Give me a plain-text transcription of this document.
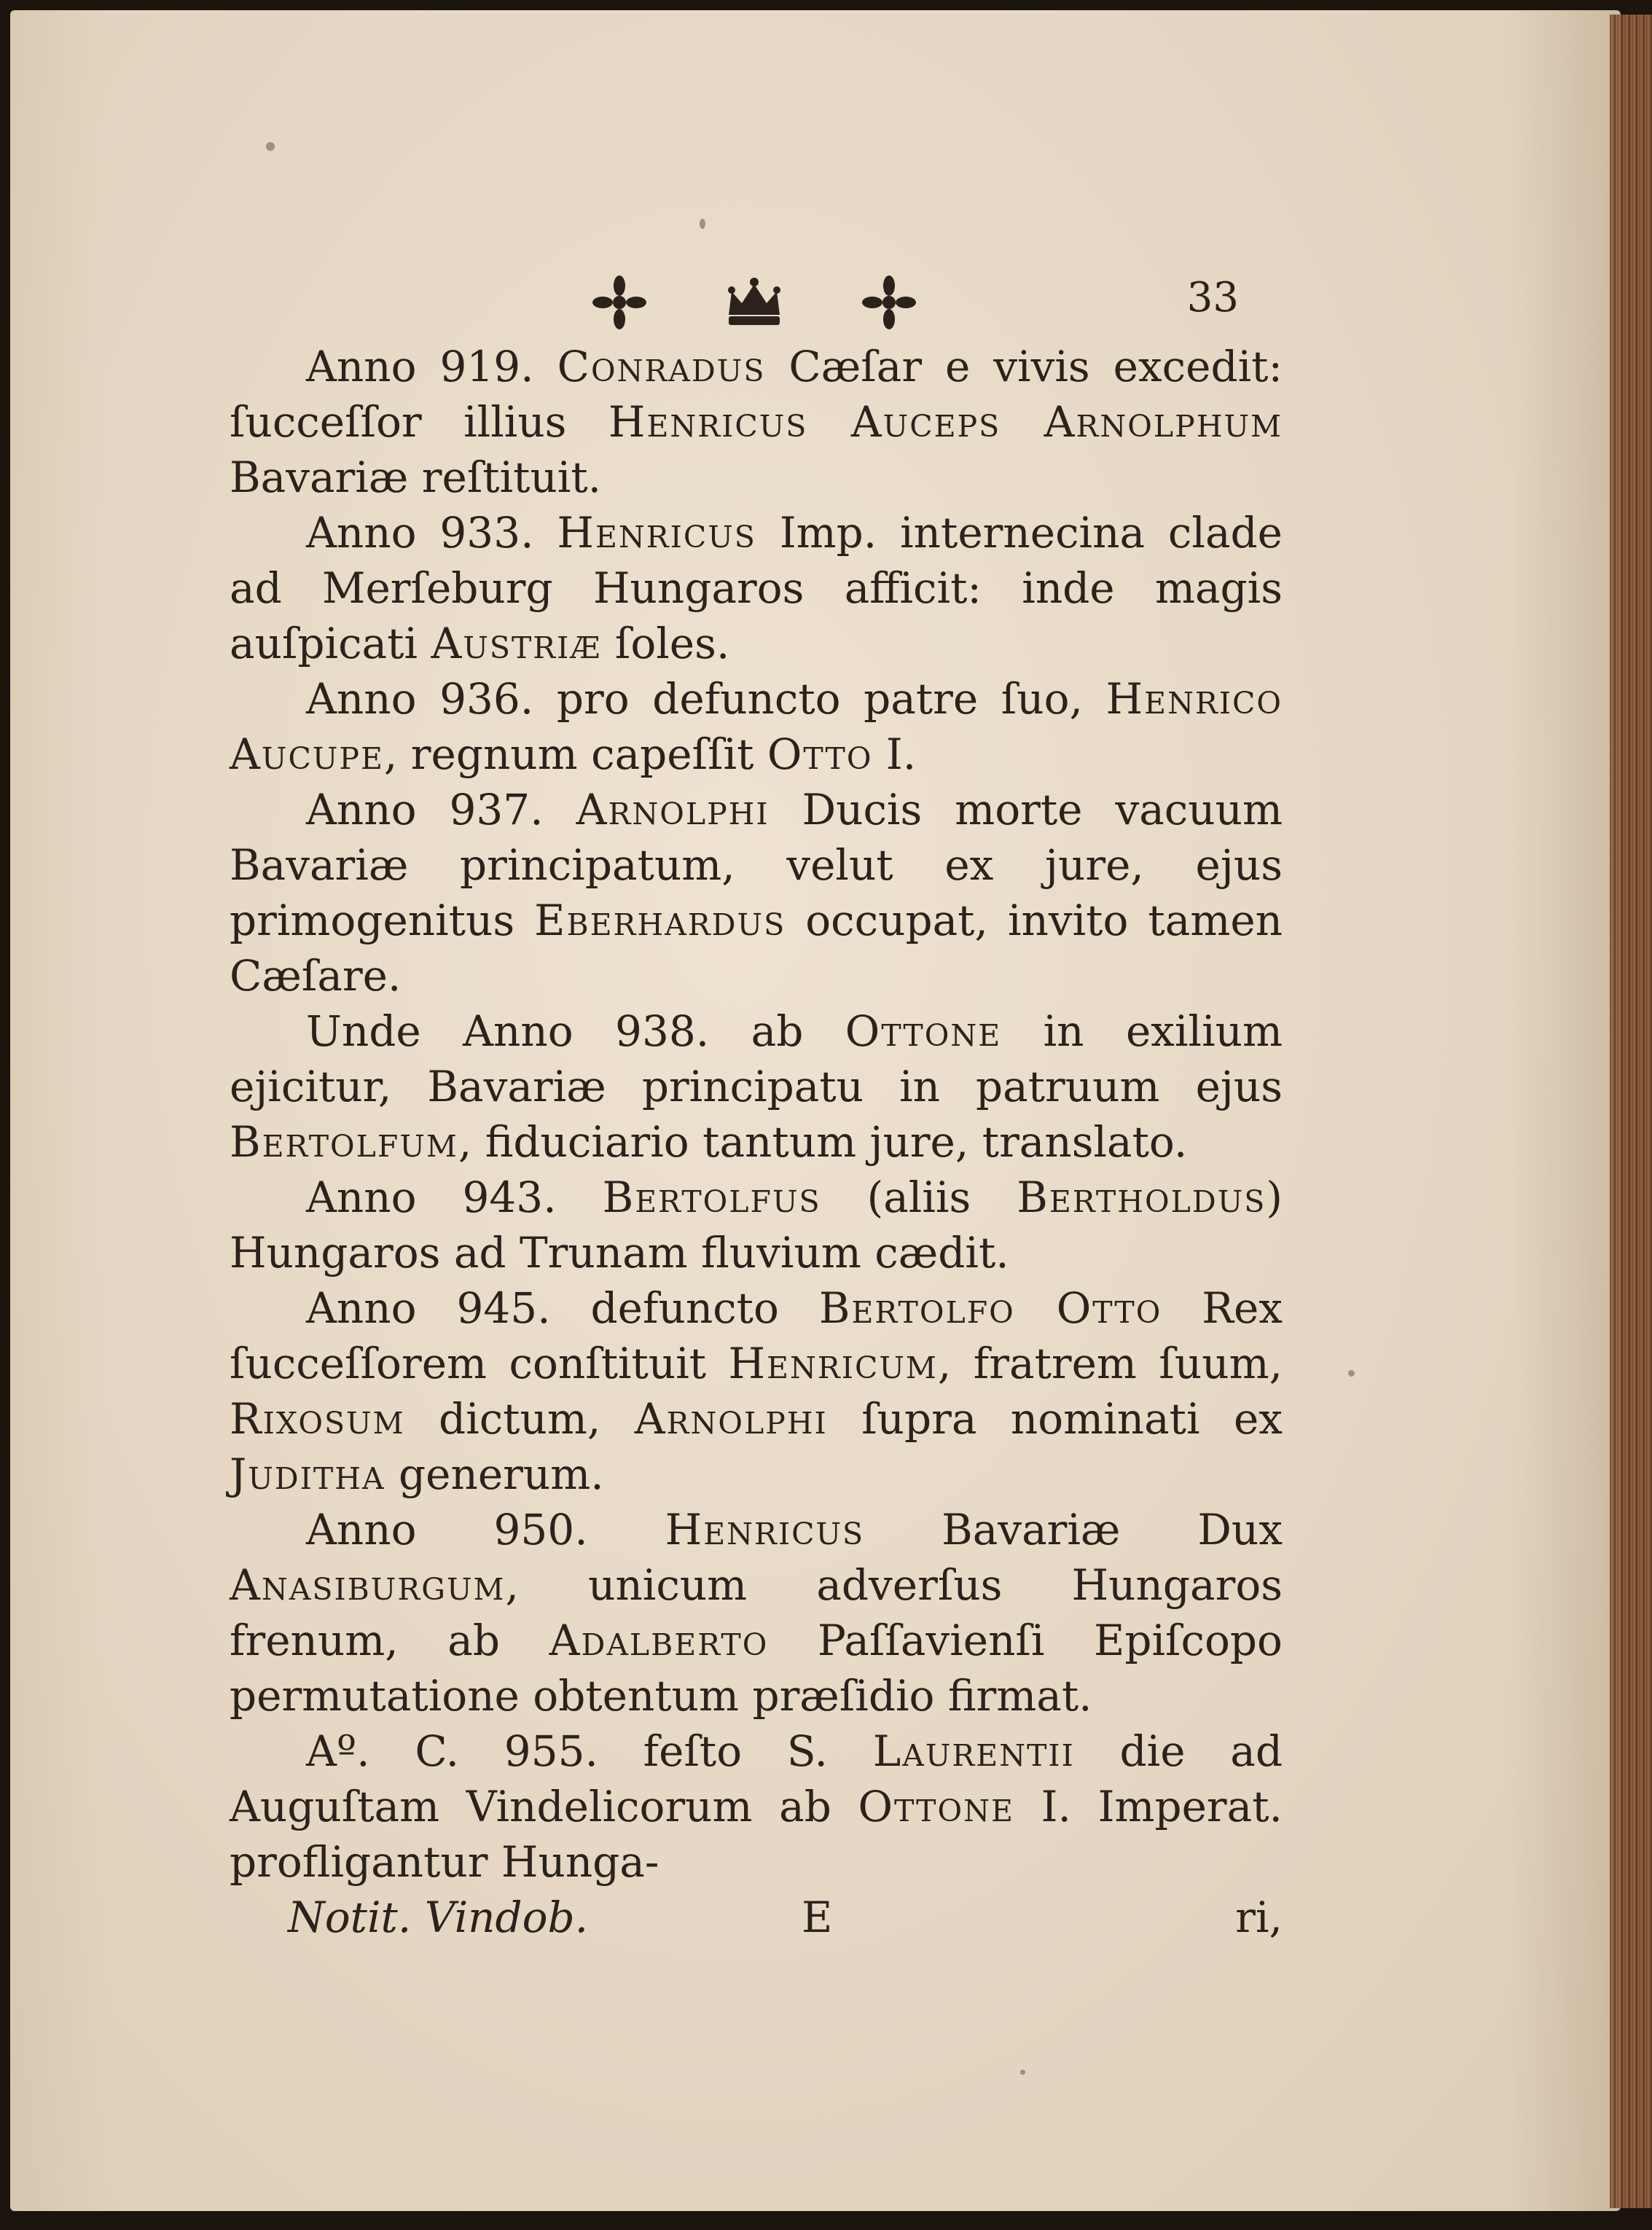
33

Anno 919. Conradus Cæſar e vivis excedit: ſucceſſor illius Henricus Auceps Arnolphum Bavariæ reſtituit.

Anno 933. Henricus Imp. internecina clade ad Merſeburg Hungaros afficit: inde magis auſpicati Austriæ ſoles.

Anno 936. pro defuncto patre ſuo, Henrico Aucupe, regnum capeſſit Otto I.

Anno 937. Arnolphi Ducis morte vacuum Bavariæ principatum, velut ex jure, ejus primogenitus Eberhardus occupat, invito tamen Cæſare.

Unde Anno 938. ab Ottone in exilium ejicitur, Bavariæ principatu in patruum ejus Bertolfum, fiduciario tantum jure, translato.

Anno 943. Bertolfus (aliis Bertholdus) Hungaros ad Trunam fluvium cædit.

Anno 945. defuncto Bertolfo Otto Rex ſucceſſorem conſtituit Henricum, fratrem ſuum, Rixosum dictum, Arnolphi ſupra nominati ex Juditha generum.

Anno 950. Henricus Bavariæ Dux Anasiburgum, unicum adverſus Hungaros frenum, ab Adalberto Paſſavienſi Epiſcopo permutatione obtentum præſidio firmat.

Aº. C. 955. feſto S. Laurentii die ad Auguſtam Vindelicorum ab Ottone I. Imperat. profligantur Hunga-

Notit. Vindob.	E	ri,
